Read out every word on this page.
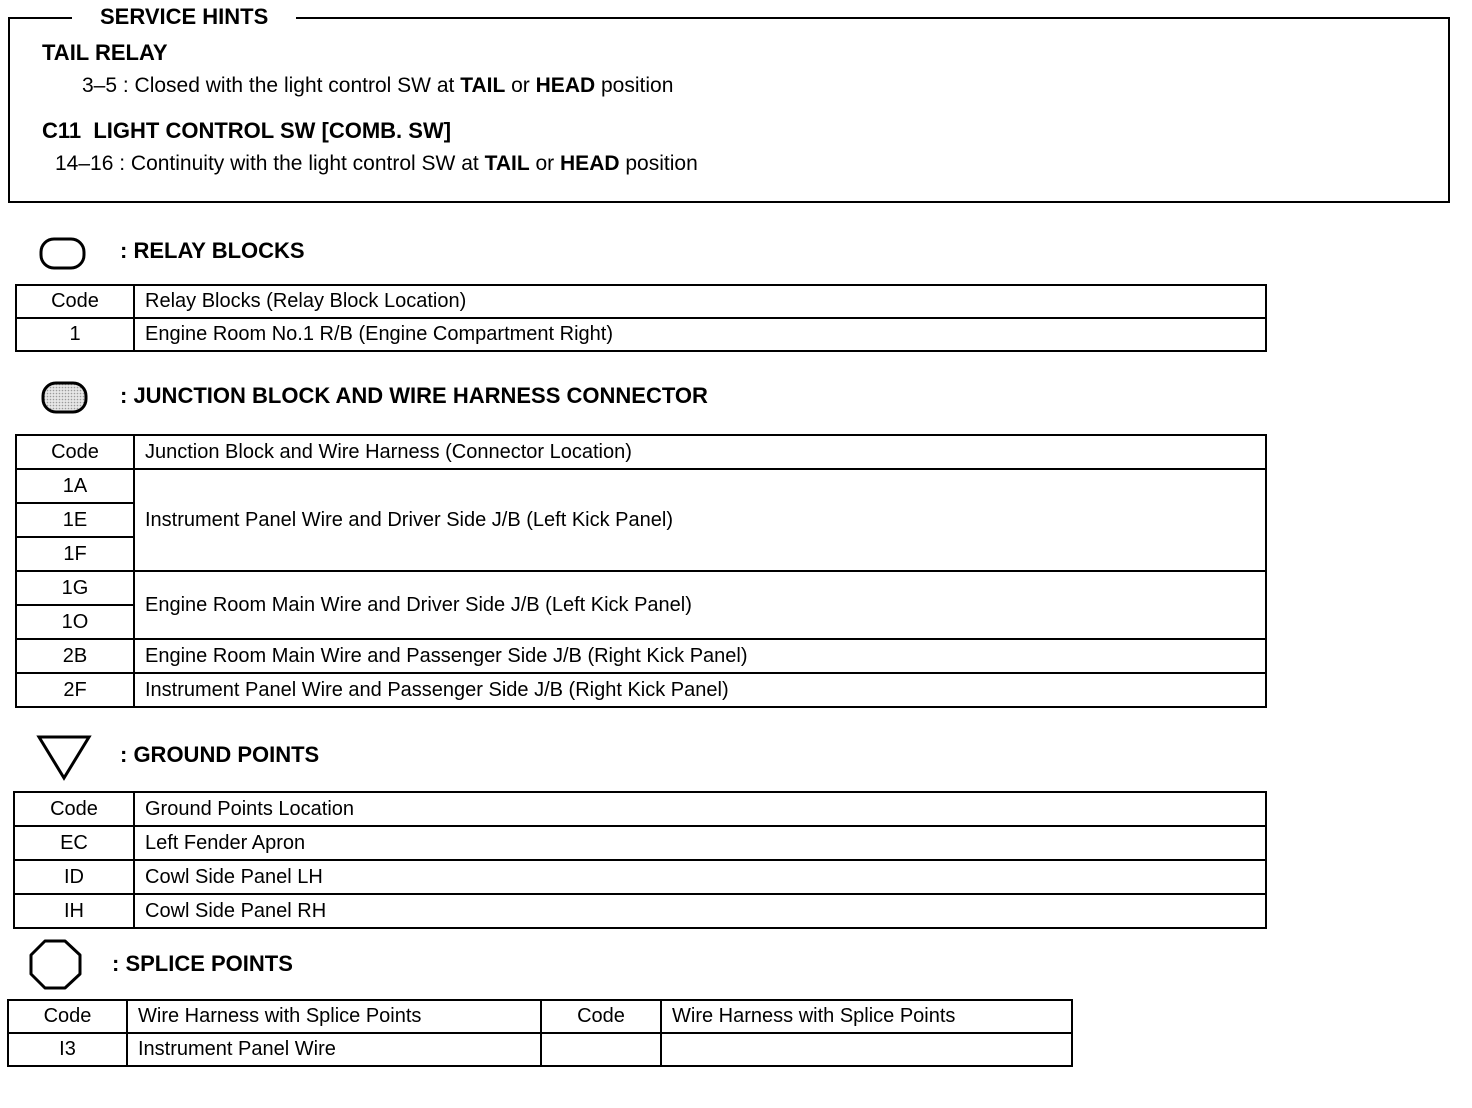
SERVICE HINTS
TAIL RELAY
3–5 : Closed with the light control SW at TAIL or HEAD position
C11  LIGHT CONTROL SW [COMB. SW]
14–16 : Continuity with the light control SW at TAIL or HEAD position
: RELAY BLOCKS
Code	Relay Blocks (Relay Block Location)
1	Engine Room No.1 R/B (Engine Compartment Right)
: JUNCTION BLOCK AND WIRE HARNESS CONNECTOR
Code	Junction Block and Wire Harness (Connector Location)
1A	Instrument Panel Wire and Driver Side J/B (Left Kick Panel)
1E	
1F	
1G	Engine Room Main Wire and Driver Side J/B (Left Kick Panel)
1O	
2B	Engine Room Main Wire and Passenger Side J/B (Right Kick Panel)
2F	Instrument Panel Wire and Passenger Side J/B (Right Kick Panel)
: GROUND POINTS
Code	Ground Points Location
EC	Left Fender Apron
ID	Cowl Side Panel LH
IH	Cowl Side Panel RH
: SPLICE POINTS
Code	Wire Harness with Splice Points	Code	Wire Harness with Splice Points
I3	Instrument Panel Wire		
